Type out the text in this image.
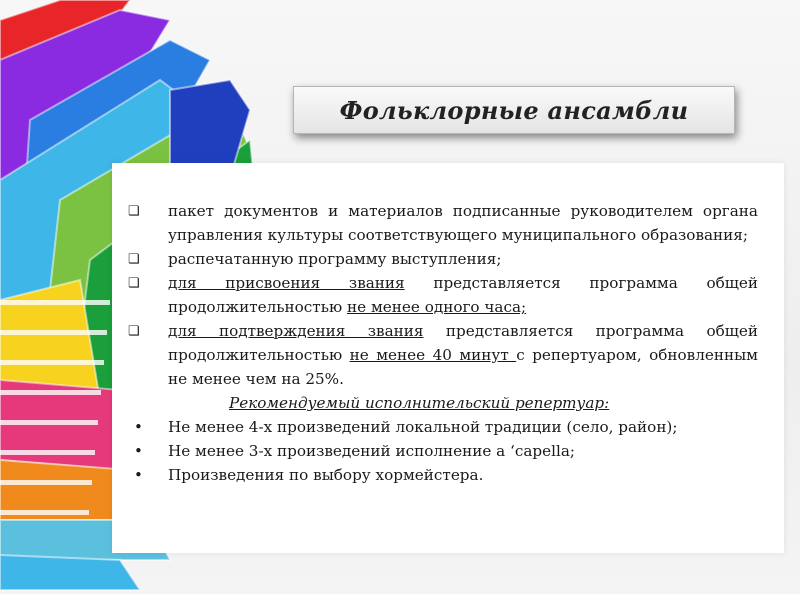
Фольклорные ансамбли
❏
пакет документов и материалов подписанные руководителем органа управления культуры соответствующего муниципального образования;
❏
распечатанную программу выступления;
❏
для присвоения звания представляется программа общей продолжительностью не менее одного часа;
❏
для подтверждения звания представляется программа общей продолжительностью не менее 40 минут с репертуаром, обновленным не менее чем на 25%.
Рекомендуемый исполнительский репертуар:
•	Не менее 4-х произведений локальной традиции (село, район);
•	Не менее 3-х произведений исполнение а ‘capella;
•	Произведения по выбору хормейстера.
